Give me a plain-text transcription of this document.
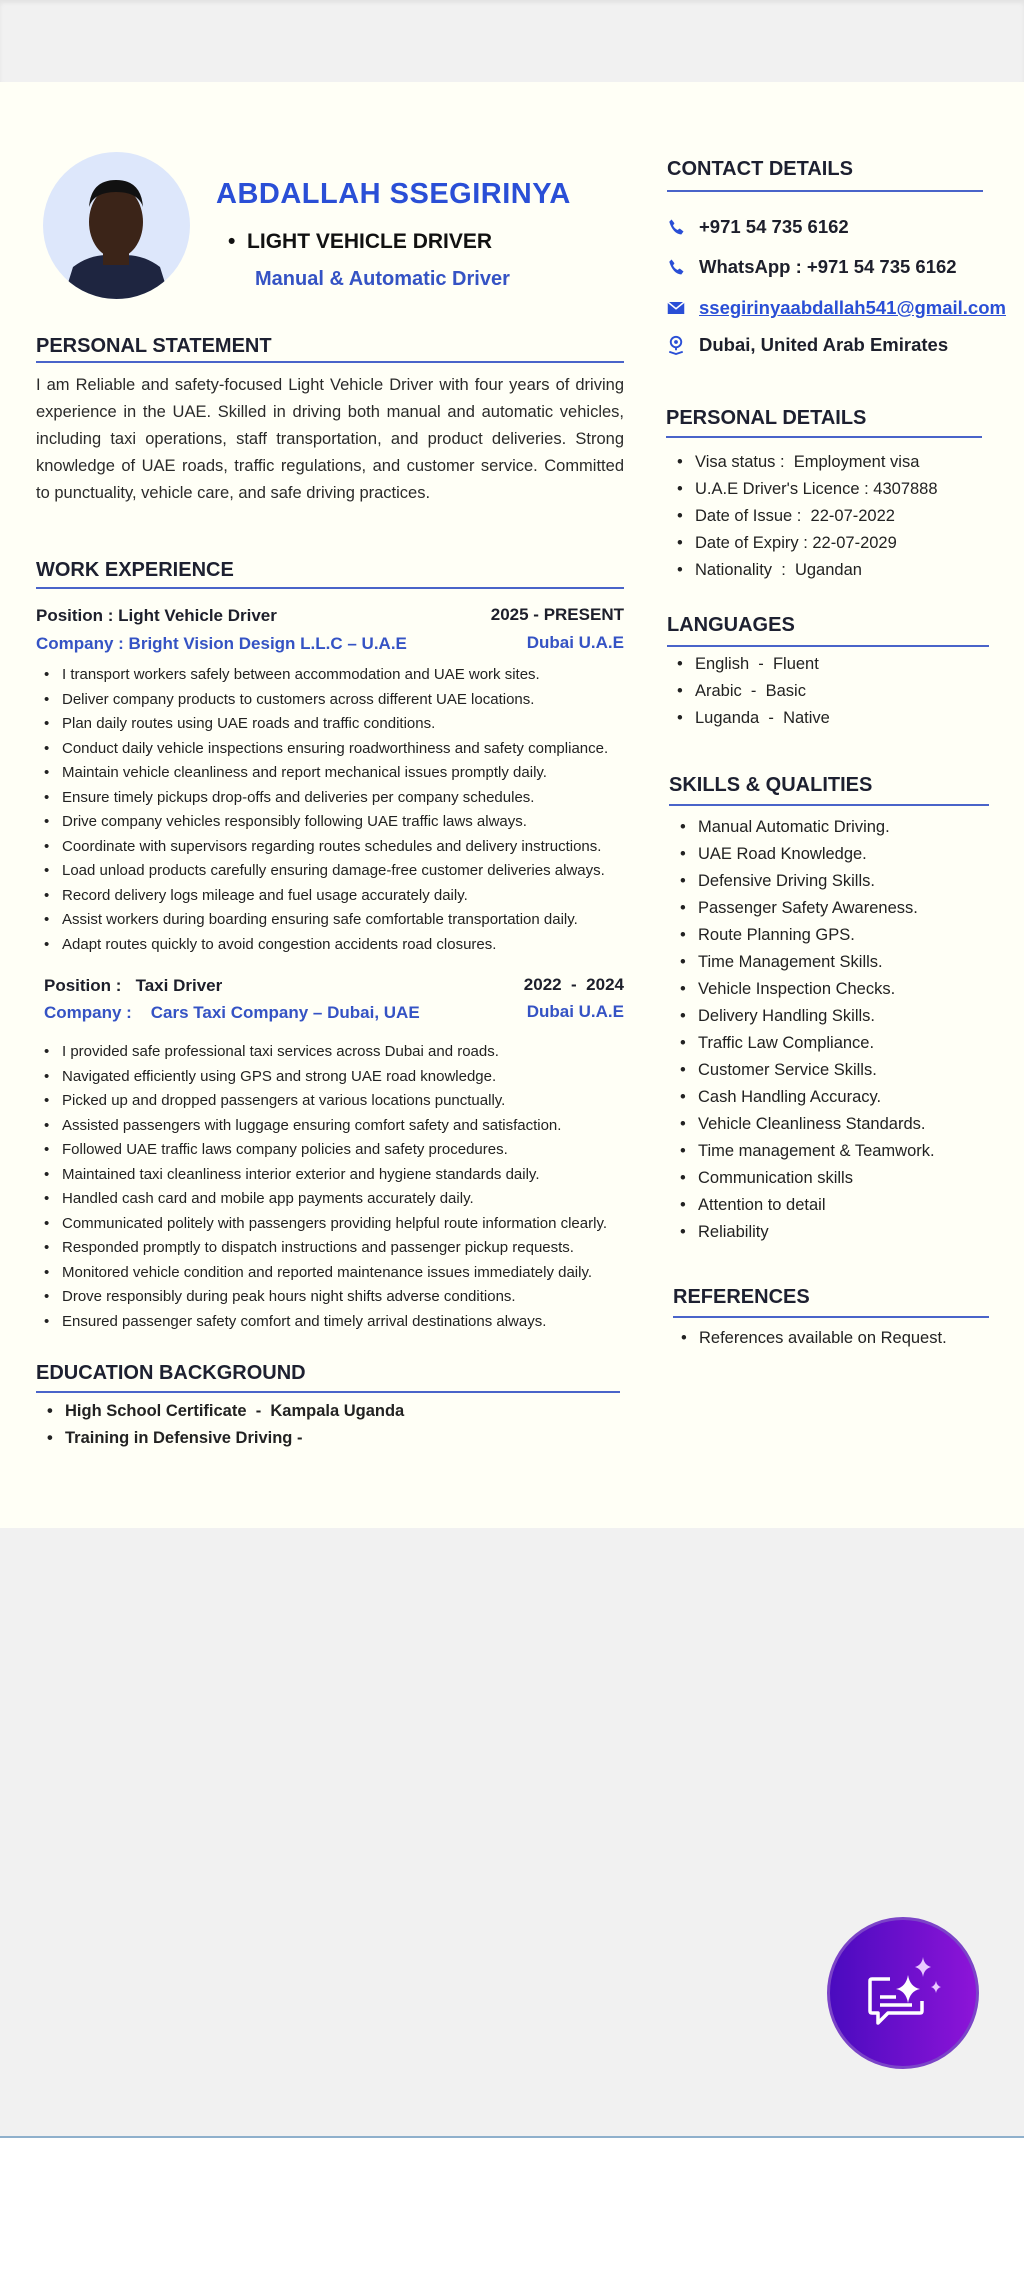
ABDALLAH SSEGIRINYA
•  LIGHT VEHICLE DRIVER
Manual & Automatic Driver
CONTACT DETAILS
+971 54 735 6162
WhatsApp : +971 54 735 6162
ssegirinyaabdallah541@gmail.com
Dubai, United Arab Emirates
PERSONAL STATEMENT
I am Reliable and safety-focused Light Vehicle Driver with four years of driving experience in the UAE. Skilled in driving both manual and automatic vehicles, including taxi operations, staff transportation, and product deliveries. Strong knowledge of UAE roads, traffic regulations, and customer service. Committed to punctuality, vehicle care, and safe driving practices.
WORK EXPERIENCE
Position : Light Vehicle Driver	2025 - PRESENT
Company : Bright Vision Design L.L.C – U.A.E	Dubai U.A.E
• I transport workers safely between accommodation and UAE work sites.
• Deliver company products to customers across different UAE locations.
• Plan daily routes using UAE roads and traffic conditions.
• Conduct daily vehicle inspections ensuring roadworthiness and safety compliance.
• Maintain vehicle cleanliness and report mechanical issues promptly daily.
• Ensure timely pickups drop-offs and deliveries per company schedules.
• Drive company vehicles responsibly following UAE traffic laws always.
• Coordinate with supervisors regarding routes schedules and delivery instructions.
• Load unload products carefully ensuring damage-free customer deliveries always.
• Record delivery logs mileage and fuel usage accurately daily.
• Assist workers during boarding ensuring safe comfortable transportation daily.
• Adapt routes quickly to avoid congestion accidents road closures.
Position :   Taxi Driver	2022  -  2024
Company :    Cars Taxi Company – Dubai, UAE	Dubai U.A.E
• I provided safe professional taxi services across Dubai and roads.
• Navigated efficiently using GPS and strong UAE road knowledge.
• Picked up and dropped passengers at various locations punctually.
• Assisted passengers with luggage ensuring comfort safety and satisfaction.
• Followed UAE traffic laws company policies and safety procedures.
• Maintained taxi cleanliness interior exterior and hygiene standards daily.
• Handled cash card and mobile app payments accurately daily.
• Communicated politely with passengers providing helpful route information clearly.
• Responded promptly to dispatch instructions and passenger pickup requests.
• Monitored vehicle condition and reported maintenance issues immediately daily.
• Drove responsibly during peak hours night shifts adverse conditions.
• Ensured passenger safety comfort and timely arrival destinations always.
EDUCATION BACKGROUND
• High School Certificate  -  Kampala Uganda
• Training in Defensive Driving -
PERSONAL DETAILS
• Visa status :  Employment visa
• U.A.E Driver's Licence : 4307888
• Date of Issue :  22-07-2022
• Date of Expiry : 22-07-2029
• Nationality  :  Ugandan
LANGUAGES
• English  -  Fluent
• Arabic  -  Basic
• Luganda  -  Native
SKILLS & QUALITIES
• Manual Automatic Driving.
• UAE Road Knowledge.
• Defensive Driving Skills.
• Passenger Safety Awareness.
• Route Planning GPS.
• Time Management Skills.
• Vehicle Inspection Checks.
• Delivery Handling Skills.
• Traffic Law Compliance.
• Customer Service Skills.
• Cash Handling Accuracy.
• Vehicle Cleanliness Standards.
• Time management & Teamwork.
• Communication skills
• Attention to detail
• Reliability
REFERENCES
• References available on Request.
